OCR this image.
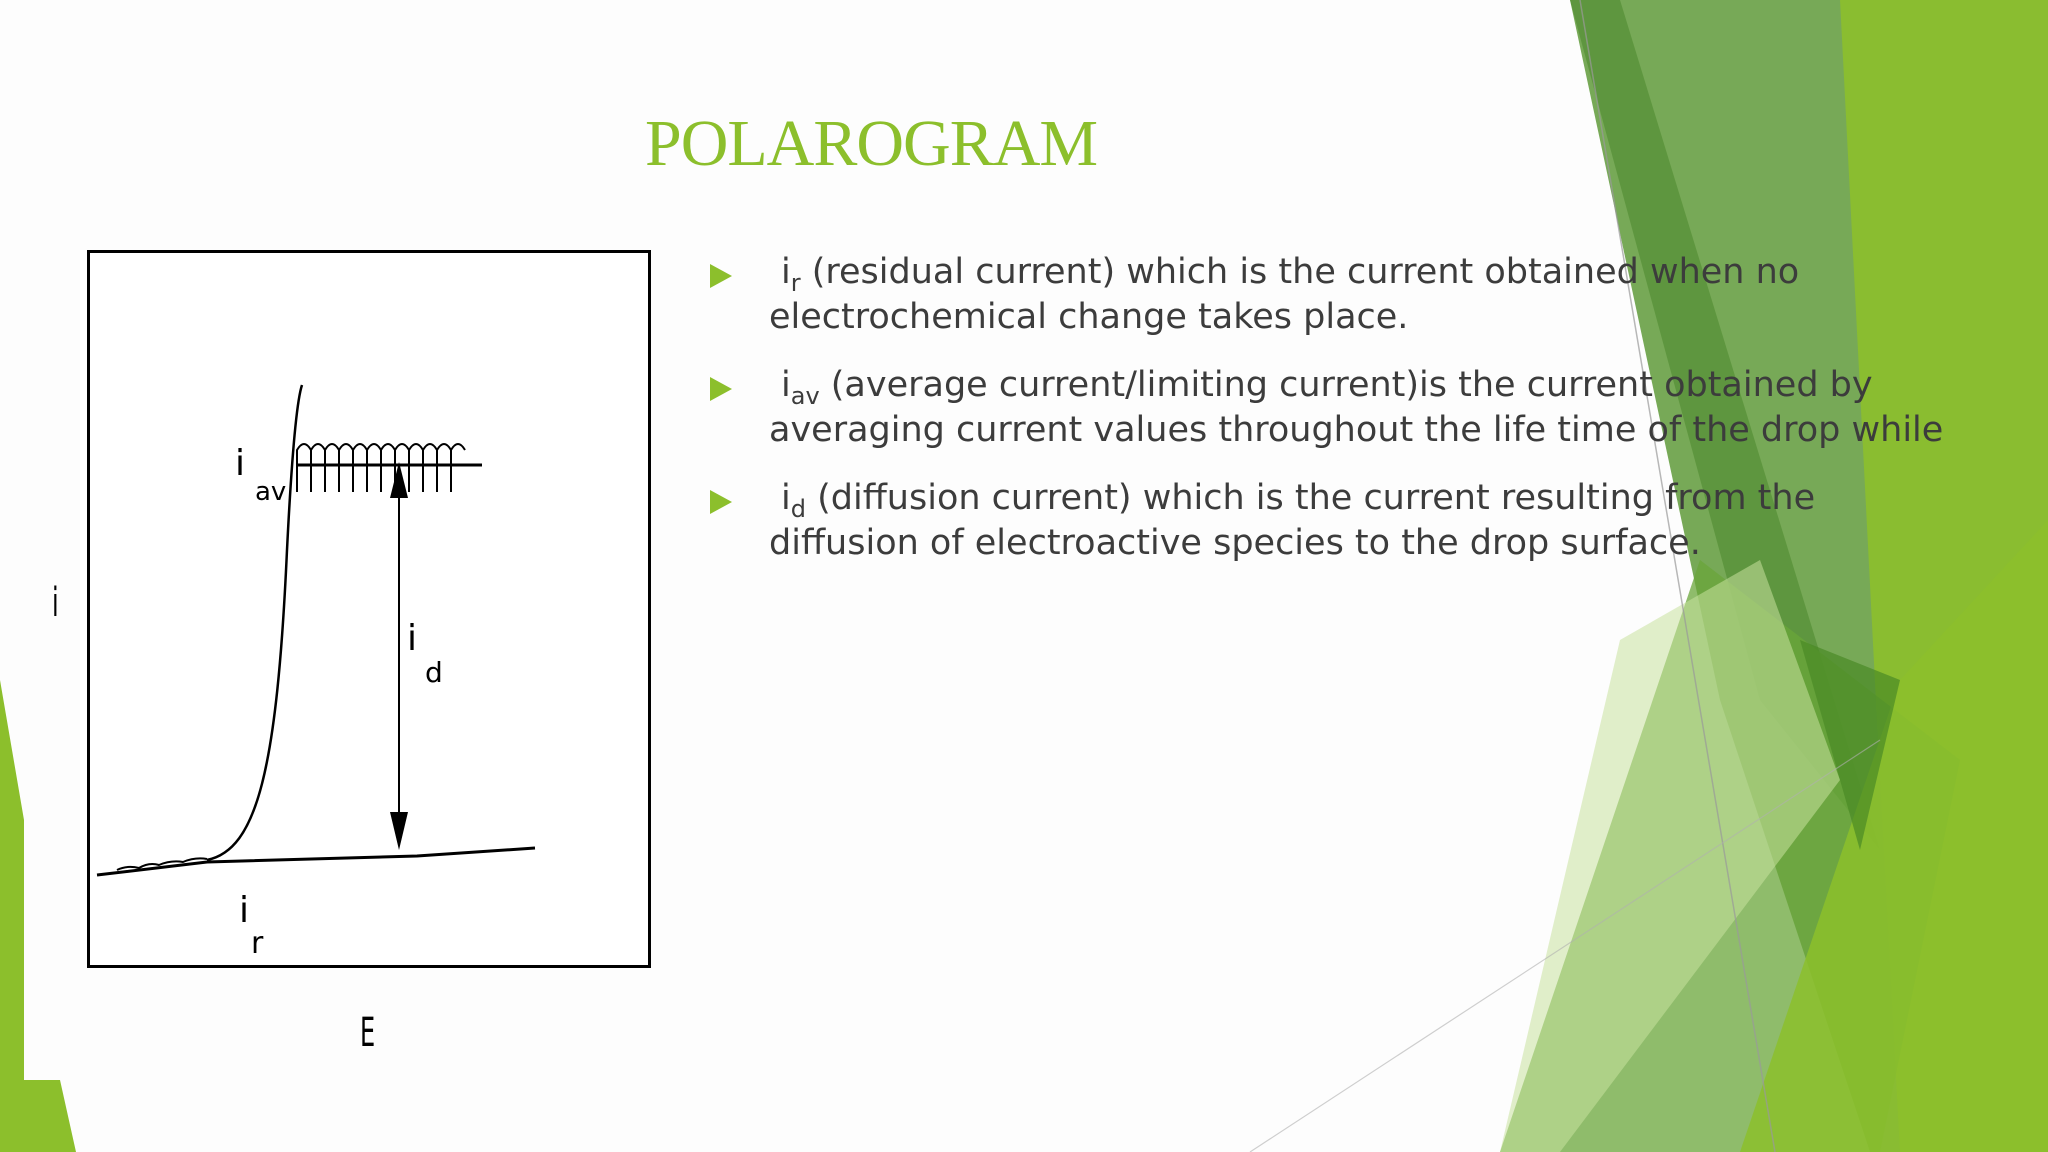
POLAROGRAM
i
av
i
d
i
r
i
E
$i_r$ (residual current) which is the current obtained when no electrochemical change takes place.
$i_{av}$ (average current/limiting current)is the current obtained by averaging current values throughout the life time of the drop while
$i_d$ (diffusion current) which is the current resulting from the diffusion of electroactive species to the drop surface.
